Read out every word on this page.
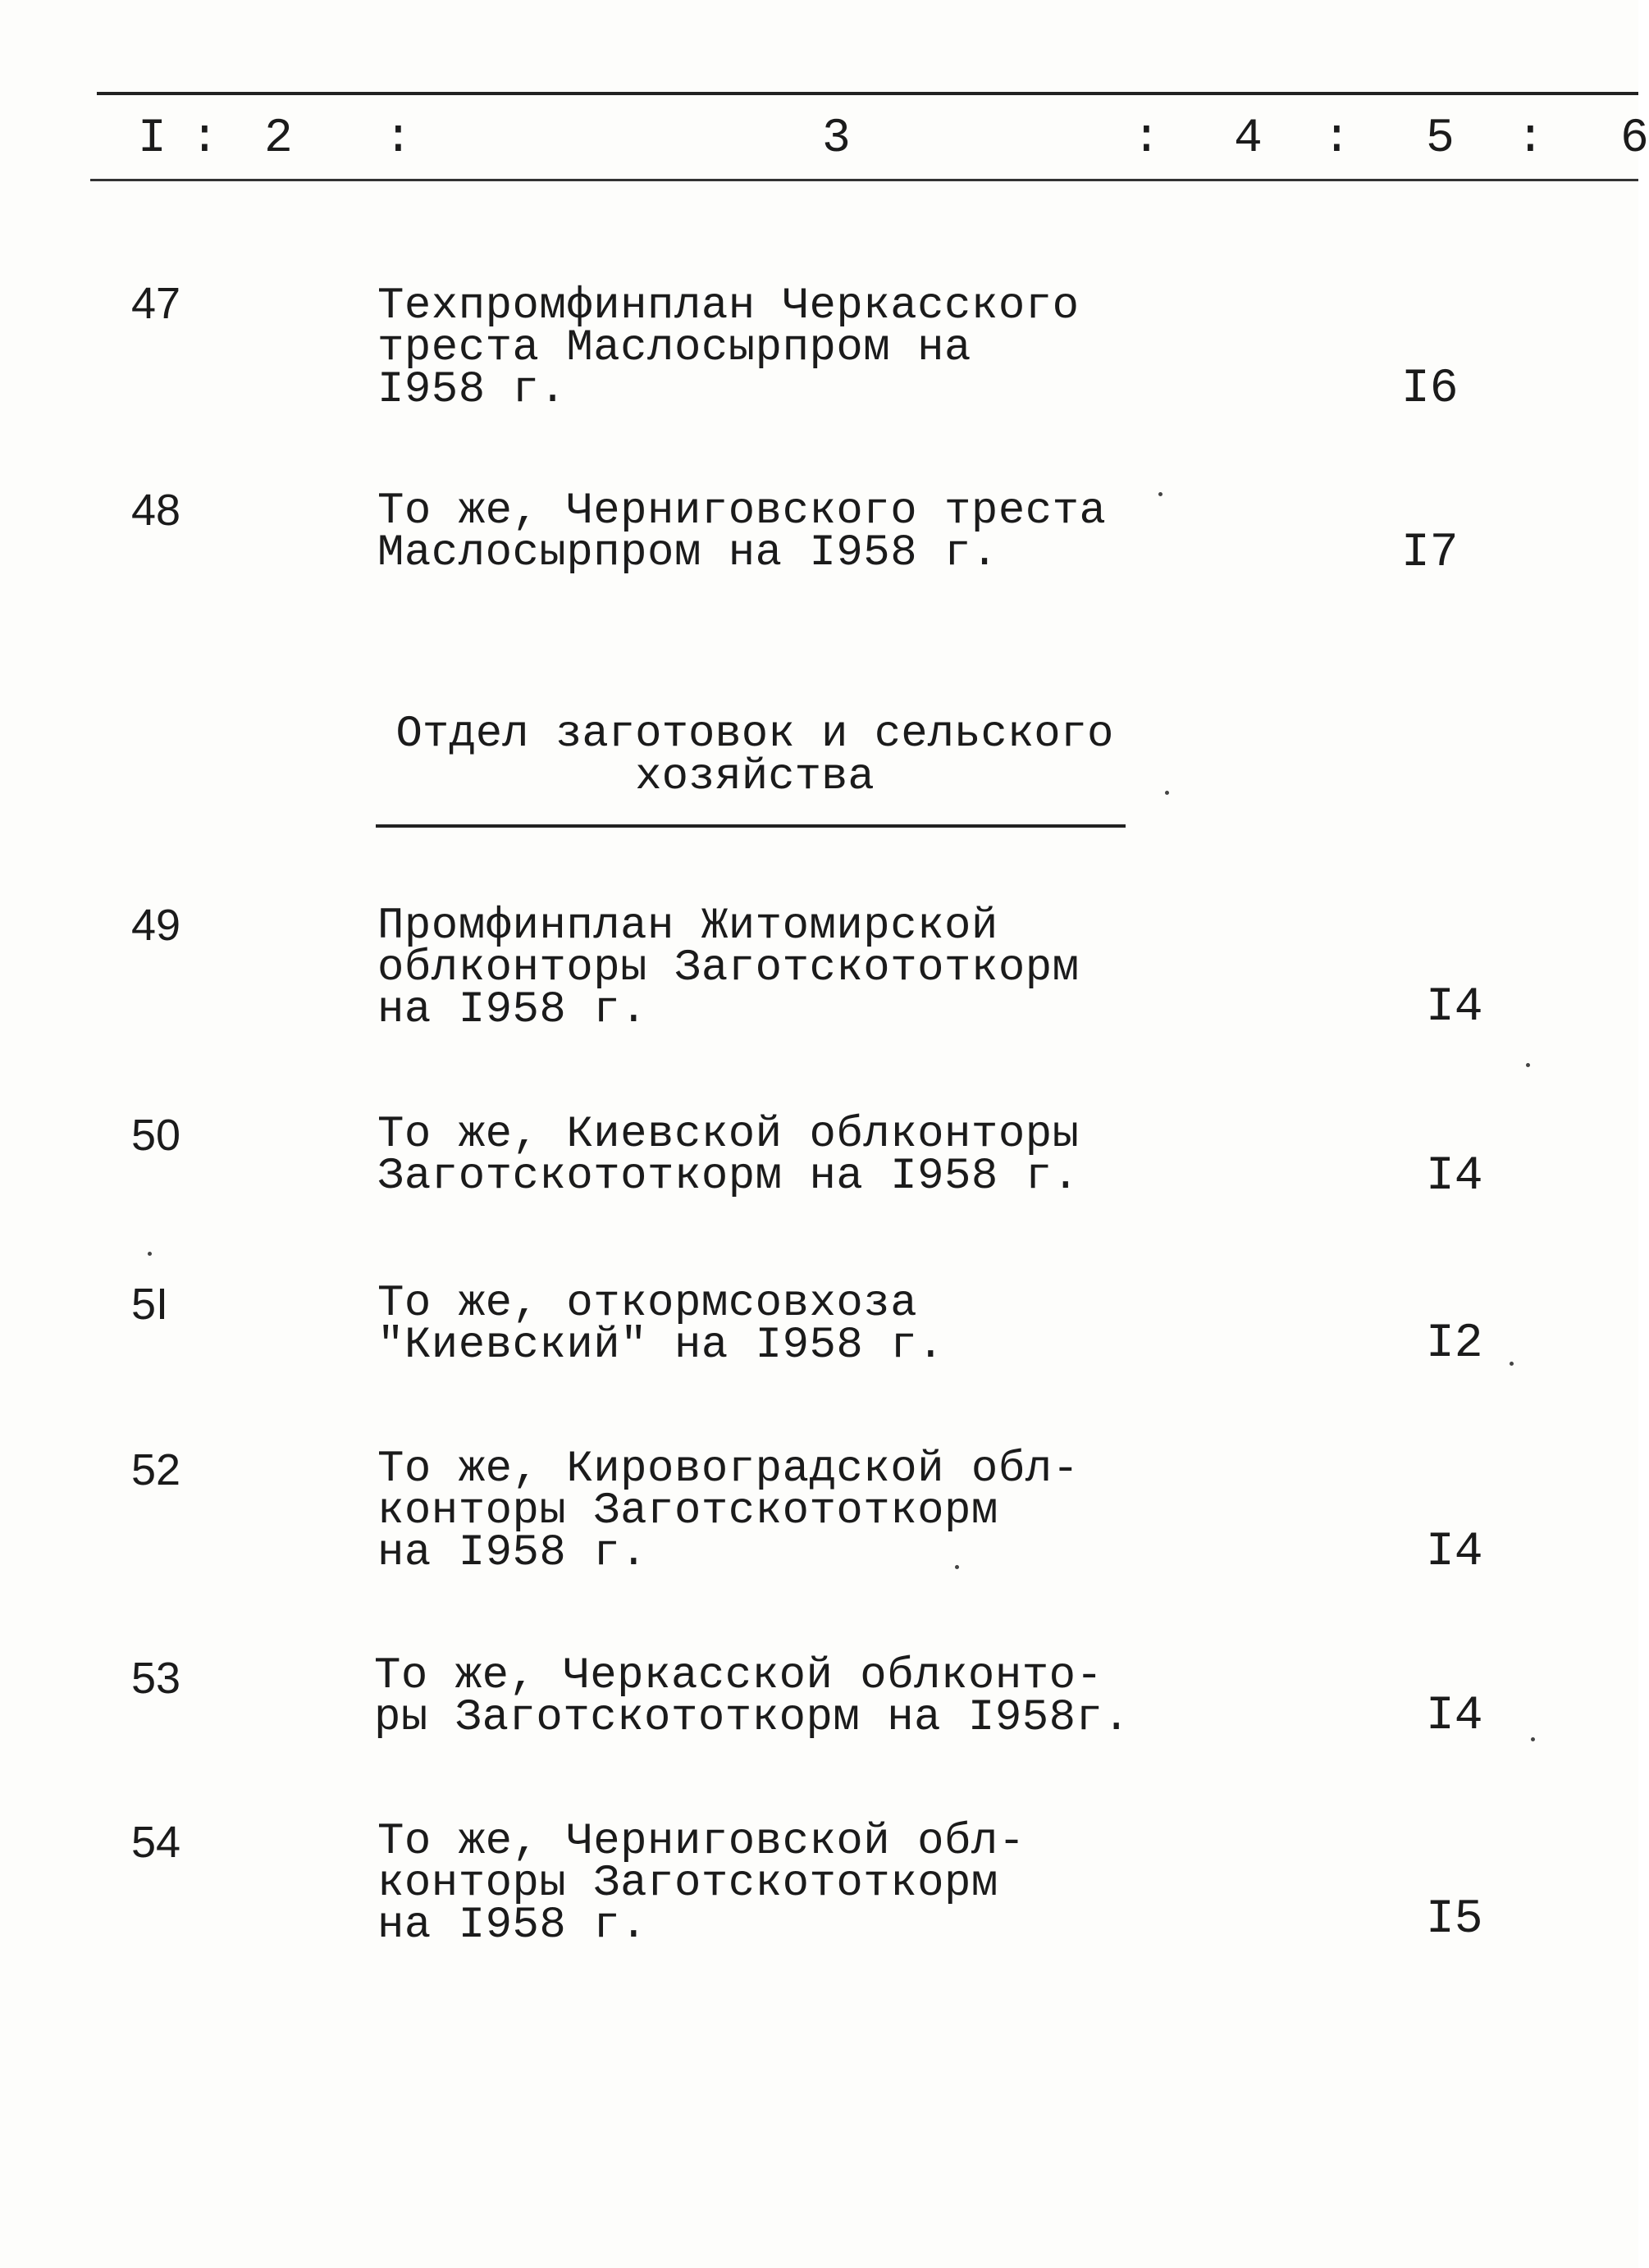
I : 2 :	3	: 4 : 5 : 6
47	Техпромфинплан Черкасского
треста Маслосырпром на
I958 г.	I6
48	То же, Черниговского треста
Маслосырпром на I958 г.	I7
Отдел заготовок и сельского
хозяйства
49	Промфинплан Житомирской
облконторы Заготскототкорм
на I958 г.	I4
50	То же, Киевской облконторы
Заготскототкорм на I958 г.	I4
5I	То же, откормсовхоза
"Киевский" на I958 г.	I2
52	То же, Кировоградской обл-
конторы Заготскототкорм
на I958 г.	I4
53	То же, Черкасской облконто-
ры Заготскототкорм на I958г.	I4
54	То же, Черниговской обл-
конторы Заготскототкорм
на I958 г.	I5
